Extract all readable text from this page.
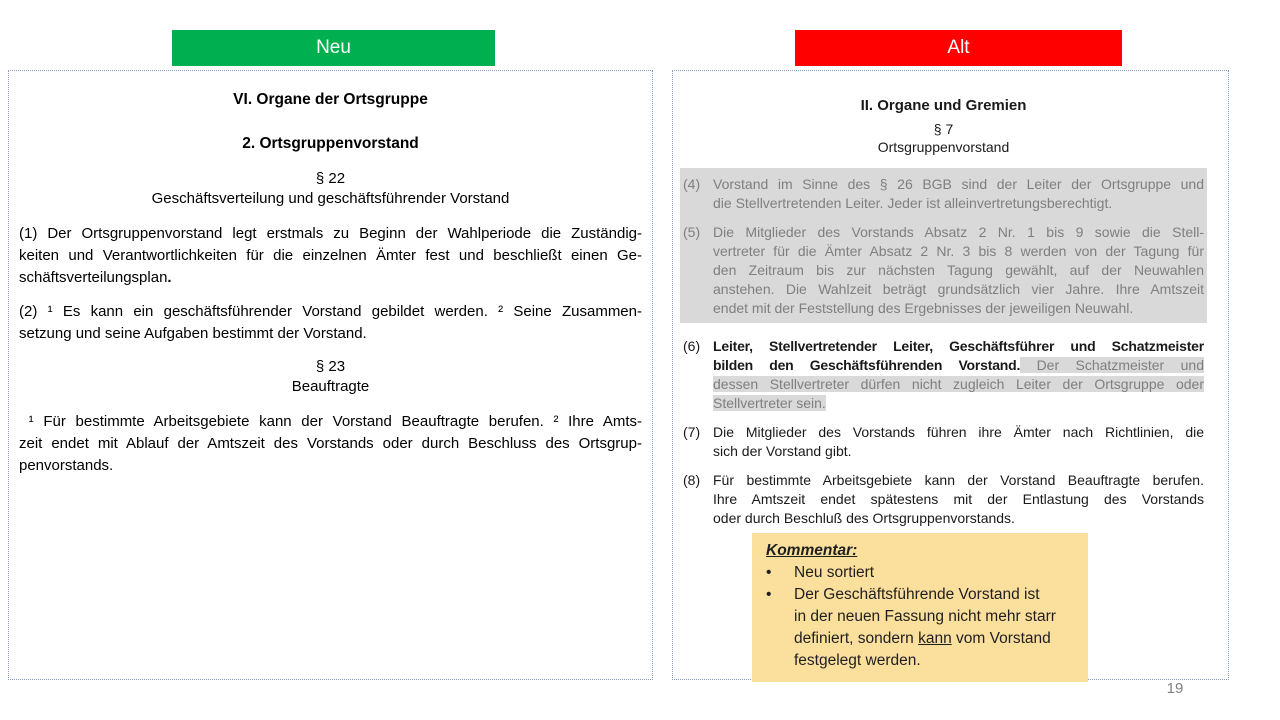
Neu	Alt
VI. Organe der Ortsgruppe
2. Ortsgruppenvorstand
§ 22
Geschäftsverteilung und geschäftsführender Vorstand
(1) Der Ortsgruppenvorstand legt erstmals zu Beginn der Wahlperiode die Zuständig-
keiten und Verantwortlichkeiten für die einzelnen Ämter fest und beschließt einen Ge-
schäftsverteilungsplan.
(2) ¹ Es kann ein geschäftsführender Vorstand gebildet werden. ² Seine Zusammen-
setzung und seine Aufgaben bestimmt der Vorstand.
§ 23
Beauftragte
¹ Für bestimmte Arbeitsgebiete kann der Vorstand Beauftragte berufen. ² Ihre Amts-
zeit endet mit Ablauf der Amtszeit des Vorstands oder durch Beschluss des Ortsgrup-
penvorstands.
II. Organe und Gremien
§ 7
Ortsgruppenvorstand
(4) Vorstand im Sinne des § 26 BGB sind der Leiter der Ortsgruppe und
die Stellvertretenden Leiter. Jeder ist alleinvertretungsberechtigt.
(5) Die Mitglieder des Vorstands Absatz 2 Nr. 1 bis 9 sowie die Stell-
vertreter für die Ämter Absatz 2 Nr. 3 bis 8 werden von der Tagung für
den Zeitraum bis zur nächsten Tagung gewählt, auf der Neuwahlen
anstehen. Die Wahlzeit beträgt grundsätzlich vier Jahre. Ihre Amtszeit
endet mit der Feststellung des Ergebnisses der jeweiligen Neuwahl.
(6) Leiter, Stellvertretender Leiter, Geschäftsführer und Schatzmeister
bilden den Geschäftsführenden Vorstand. Der Schatzmeister und
dessen Stellvertreter dürfen nicht zugleich Leiter der Ortsgruppe oder
Stellvertreter sein.
(7) Die Mitglieder des Vorstands führen ihre Ämter nach Richtlinien, die
sich der Vorstand gibt.
(8) Für bestimmte Arbeitsgebiete kann der Vorstand Beauftragte berufen.
Ihre Amtszeit endet spätestens mit der Entlastung des Vorstands
oder durch Beschluß des Ortsgruppenvorstands.
Kommentar:
•	Neu sortiert
•	Der Geschäftsführende Vorstand ist
in der neuen Fassung nicht mehr starr
definiert, sondern kann vom Vorstand
festgelegt werden.
19
